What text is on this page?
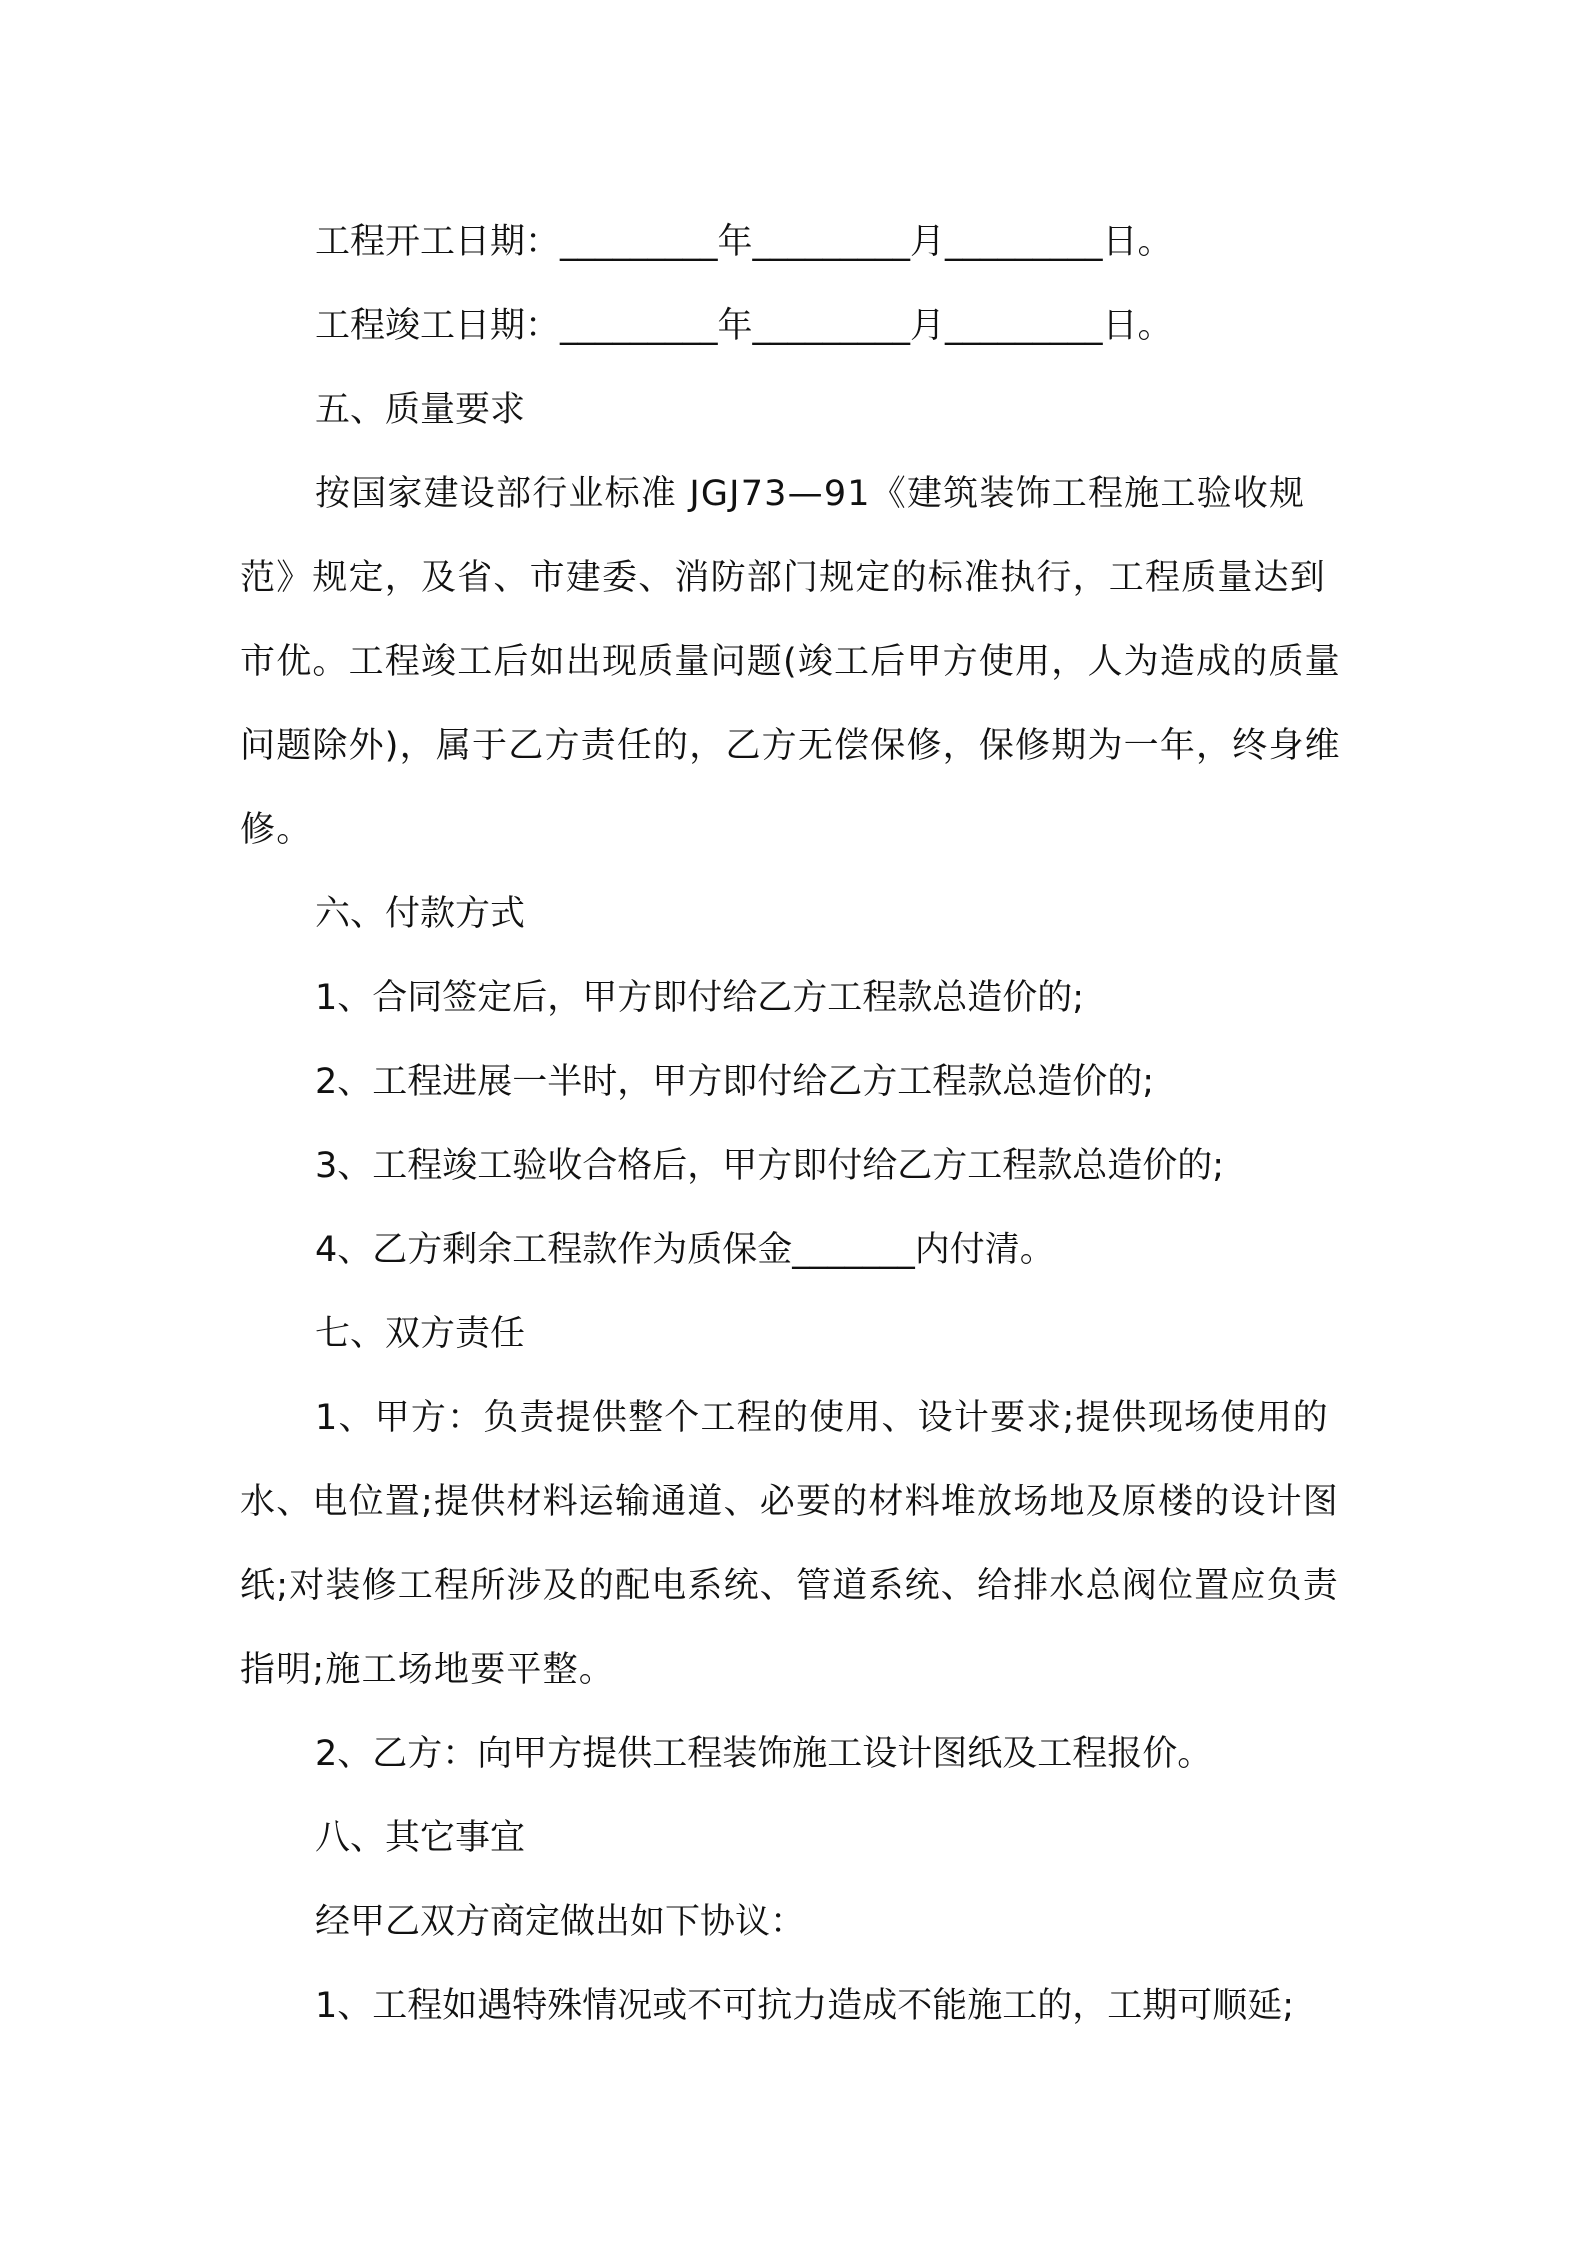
工程开工日期：_________年_________月_________日。

工程竣工日期：_________年_________月_________日。

五、质量要求

按国家建设部行业标准 JGJ73—91《建筑装饰工程施工验收规范》规定，及省、市建委、消防部门规定的标准执行，工程质量达到市优。工程竣工后如出现质量问题(竣工后甲方使用，人为造成的质量问题除外)，属于乙方责任的，乙方无偿保修，保修期为一年，终身维修。

六、付款方式

1、合同签定后，甲方即付给乙方工程款总造价的;

2、工程进展一半时，甲方即付给乙方工程款总造价的;

3、工程竣工验收合格后，甲方即付给乙方工程款总造价的;

4、乙方剩余工程款作为质保金_______内付清。

七、双方责任

1、甲方：负责提供整个工程的使用、设计要求;提供现场使用的水、电位置;提供材料运输通道、必要的材料堆放场地及原楼的设计图纸;对装修工程所涉及的配电系统、管道系统、给排水总阀位置应负责指明;施工场地要平整。

2、乙方：向甲方提供工程装饰施工设计图纸及工程报价。

八、其它事宜

经甲乙双方商定做出如下协议：

1、工程如遇特殊情况或不可抗力造成不能施工的，工期可顺延;
